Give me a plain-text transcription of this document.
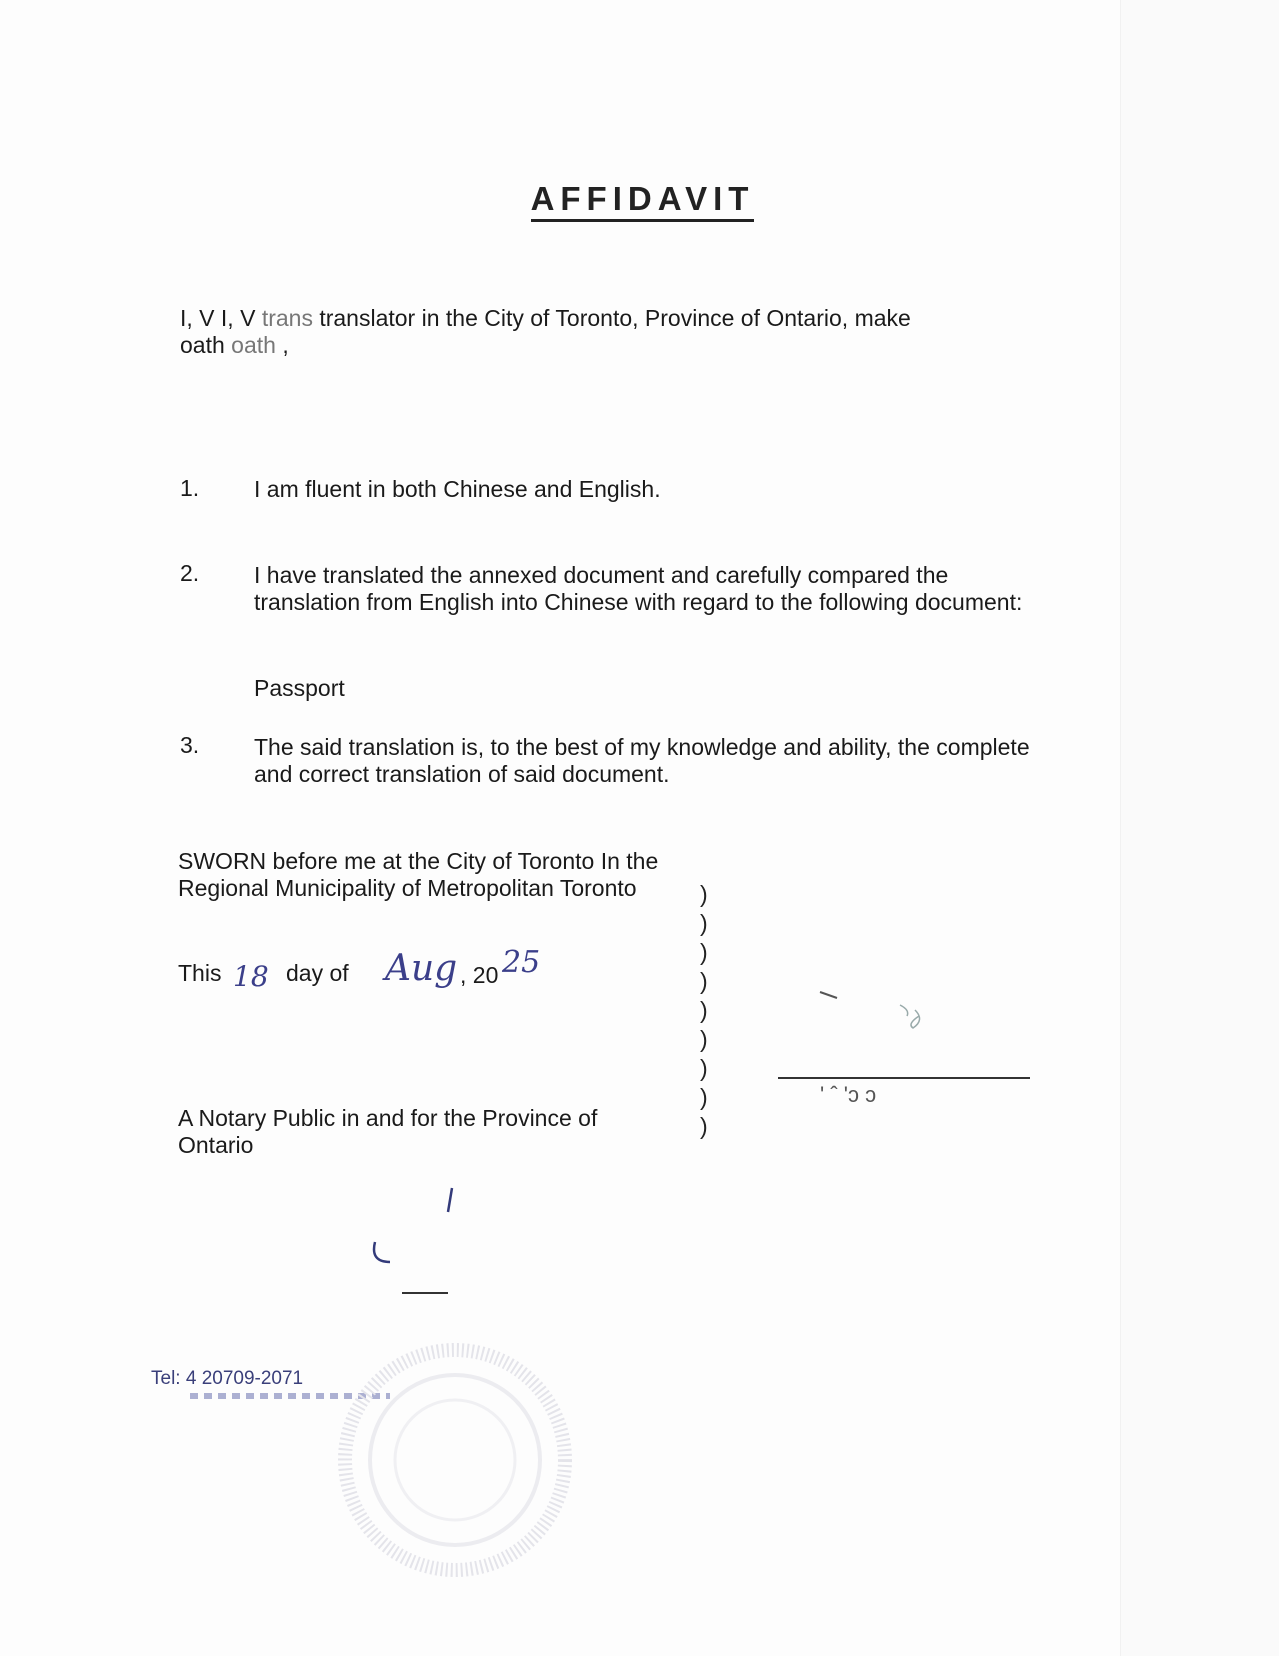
AFFIDAVIT
I, V I, V trans translator in the City of Toronto, Province of Ontario, make
oath oath ,
1. I am fluent in both Chinese and English.
2. I have translated the annexed document and carefully compared the translation from English into Chinese with regard to the following document:
Passport
3. The said translation is, to the best of my knowledge and ability, the complete and correct translation of said document.
SWORN before me at the City of Toronto In the Regional Municipality of Metropolitan Toronto
This 18 day of Aug , 20 25
)
)
)
)
)
)
)
)
)
' ˆ 'ɔ ɔ
A Notary Public in and for the Province of Ontario
Tel: 4 20709-2071
